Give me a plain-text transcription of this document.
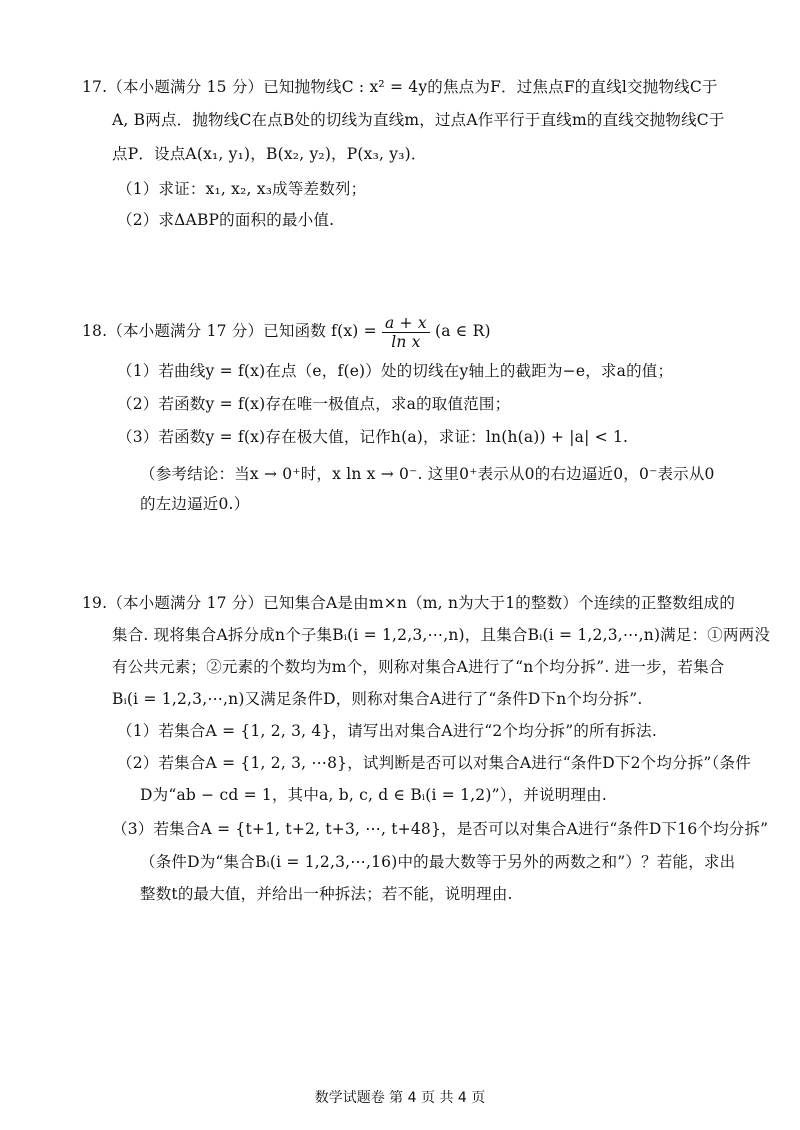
17.（本小题满分 15 分）已知抛物线C : x² = 4y的焦点为F．过焦点F的直线l交抛物线C于
A, B两点．抛物线C在点B处的切线为直线m，过点A作平行于直线m的直线交抛物线C于
点P．设点A(x₁, y₁)，B(x₂, y₂)，P(x₃, y₃)．
（1）求证：x₁, x₂, x₃成等差数列；
（2）求ΔABP的面积的最小值.
18.（本小题满分 17 分）已知函数 $f(x) = \frac{a + x}{\text{ln x}} (a$ ∈ R)
（1）若曲线y = f(x)在点（e，f(e)）处的切线在y轴上的截距为−e，求a的值；
（2）若函数y = f(x)存在唯一极值点，求a的取值范围；
（3）若函数y = f(x)存在极大值，记作h(a)，求证：ln(h(a)) + |a| < 1.
（参考结论：当x → 0⁺时，x ln x → 0⁻. 这里0⁺表示从0的右边逼近0，0⁻表示从0
的左边逼近0.）
19.（本小题满分 17 分）已知集合A是由m×n（m, n为大于1的整数）个连续的正整数组成的
集合. 现将集合A拆分成n个子集Bᵢ(i = 1,2,3,⋯,n)，且集合Bᵢ(i = 1,2,3,⋯,n)满足：①两两没
有公共元素；②元素的个数均为m个，则称对集合A进行了“n个均分拆”. 进一步，若集合
Bᵢ(i = 1,2,3,⋯,n)又满足条件D，则称对集合A进行了“条件D下n个均分拆”.
（1）若集合A = {1, 2, 3, 4}，请写出对集合A进行“2个均分拆”的所有拆法.
（2）若集合A = {1, 2, 3, ⋯8}，试判断是否可以对集合A进行“条件D下2个均分拆”（条件
D为“ab − cd = 1，其中a, b, c, d ∈ Bᵢ(i = 1,2)”），并说明理由.
（3）若集合A = {t+1, t+2, t+3, ⋯, t+48}，是否可以对集合A进行“条件D下16个均分拆”
（条件D为“集合Bᵢ(i = 1,2,3,⋯,16)中的最大数等于另外的两数之和”）？若能，求出
整数t的最大值，并给出一种拆法；若不能，说明理由.
数学试题卷 第 4 页 共 4 页
